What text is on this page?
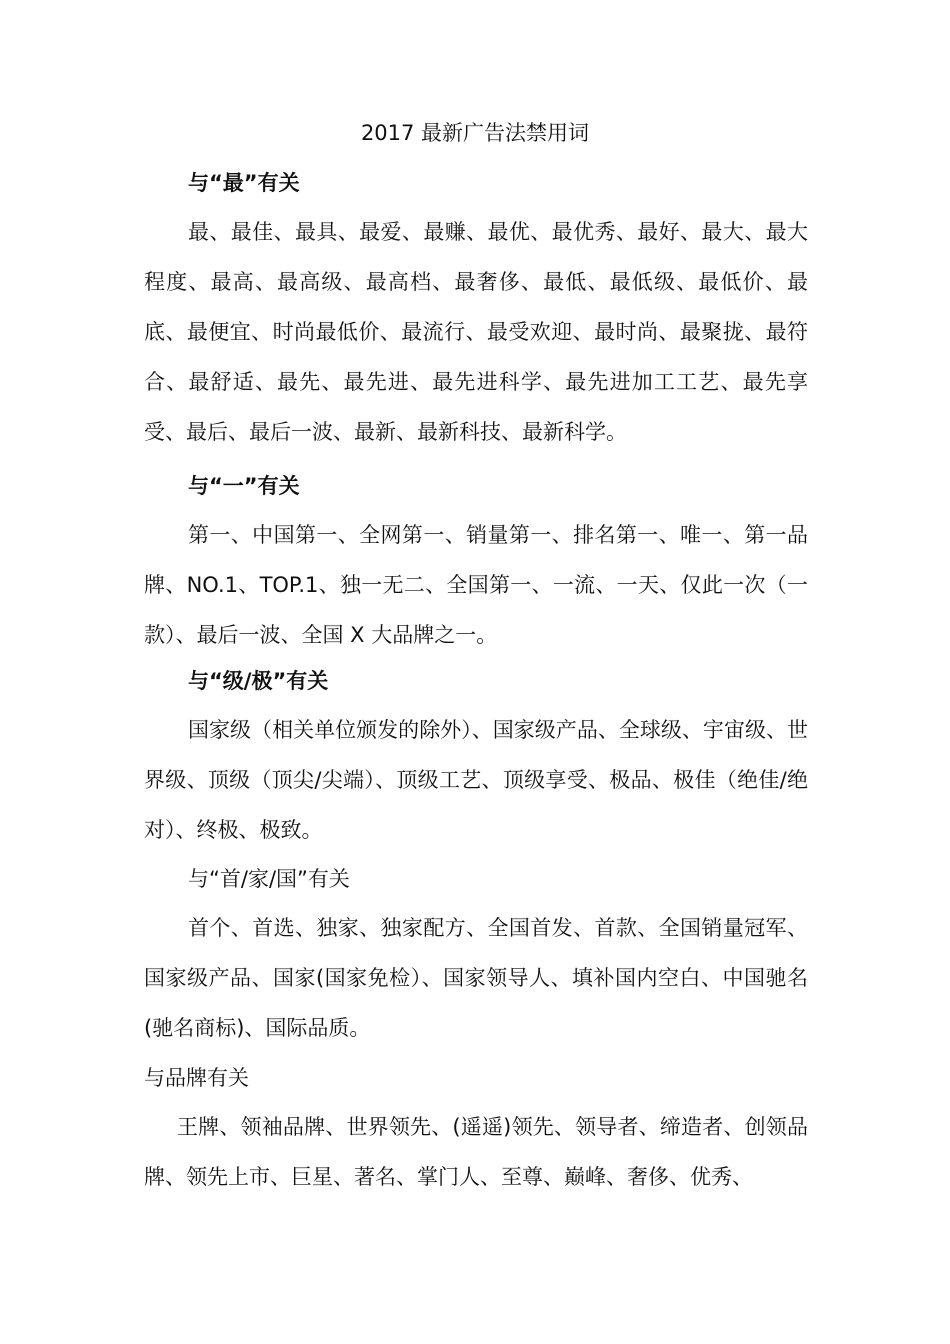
2017 最新广告法禁用词
与“最”有关
最、最佳、最具、最爱、最赚、最优、最优秀、最好、最大、最大程度、最高、最高级、最高档、最奢侈、最低、最低级、最低价、最底、最便宜、时尚最低价、最流行、最受欢迎、最时尚、最聚拢、最符合、最舒适、最先、最先进、最先进科学、最先进加工工艺、最先享受、最后、最后一波、最新、最新科技、最新科学。
与“一”有关
第一、中国第一、全网第一、销量第一、排名第一、唯一、第一品牌、NO.1、TOP.1、独一无二、全国第一、一流、一天、仅此一次（一款）、最后一波、全国 X 大品牌之一。
与“级/极”有关
国家级（相关单位颁发的除外）、国家级产品、全球级、宇宙级、世界级、顶级（顶尖/尖端）、顶级工艺、顶级享受、极品、极佳（绝佳/绝对）、终极、极致。
与“首/家/国”有关
首个、首选、独家、独家配方、全国首发、首款、全国销量冠军、国家级产品、国家(国家免检）、国家领导人、填补国内空白、中国驰名(驰名商标)、国际品质。
与品牌有关
王牌、领袖品牌、世界领先、(遥遥)领先、领导者、缔造者、创领品牌、领先上市、巨星、著名、掌门人、至尊、巅峰、奢侈、优秀、
